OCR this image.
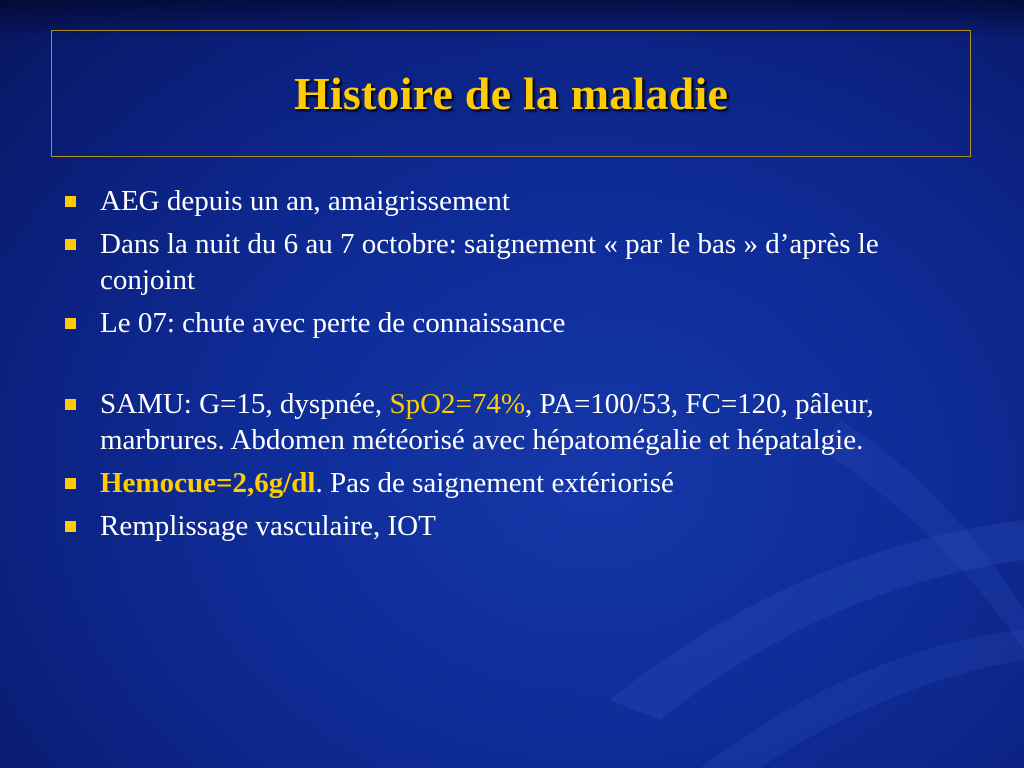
Histoire de la maladie
AEG depuis un an, amaigrissement
Dans la nuit du 6 au 7 octobre: saignement « par le bas » d’après le conjoint
Le 07: chute avec perte de connaissance
SAMU: G=15, dyspnée, SpO2=74%, PA=100/53, FC=120, pâleur, marbrures. Abdomen météorisé avec hépatomégalie et hépatalgie.
Hemocue=2,6g/dl. Pas de saignement extériorisé
Remplissage vasculaire, IOT
